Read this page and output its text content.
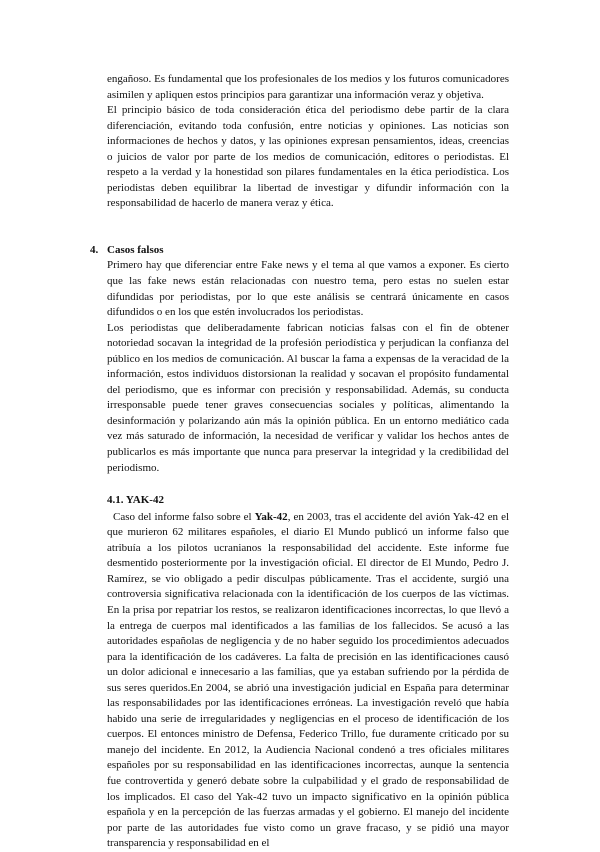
engañoso. Es fundamental que los profesionales de los medios y los futuros comunicadores asimilen y apliquen estos principios para garantizar una información veraz y objetiva.

El principio básico de toda consideración ética del periodismo debe partir de la clara diferenciación, evitando toda confusión, entre noticias y opiniones. Las noticias son informaciones de hechos y datos, y las opiniones expresan pensamientos, ideas, creencias o juicios de valor por parte de los medios de comunicación, editores o periodistas. El respeto a la verdad y la honestidad son pilares fundamentales en la ética periodística. Los periodistas deben equilibrar la libertad de investigar y difundir información con la responsabilidad de hacerlo de manera veraz y ética.

4. Casos falsos

Primero hay que diferenciar entre Fake news y el tema al que vamos a exponer. Es cierto que las fake news están relacionadas con nuestro tema, pero estas no suelen estar difundidas por periodistas, por lo que este análisis se centrará únicamente en casos difundidos o en los que estén involucrados los periodistas.

Los periodistas que deliberadamente fabrican noticias falsas con el fin de obtener notoriedad socavan la integridad de la profesión periodística y perjudican la confianza del público en los medios de comunicación. Al buscar la fama a expensas de la veracidad de la información, estos individuos distorsionan la realidad y socavan el propósito fundamental del periodismo, que es informar con precisión y responsabilidad. Además, su conducta irresponsable puede tener graves consecuencias sociales y políticas, alimentando la desinformación y polarizando aún más la opinión pública. En un entorno mediático cada vez más saturado de información, la necesidad de verificar y validar los hechos antes de publicarlos es más importante que nunca para preservar la integridad y la credibilidad del periodismo.

4.1. YAK-42

Caso del informe falso sobre el Yak-42, en 2003, tras el accidente del avión Yak-42 en el que murieron 62 militares españoles, el diario El Mundo publicó un informe falso que atribuía a los pilotos ucranianos la responsabilidad del accidente. Este informe fue desmentido posteriormente por la investigación oficial. El director de El Mundo, Pedro J. Ramírez, se vio obligado a pedir disculpas públicamente. Tras el accidente, surgió una controversia significativa relacionada con la identificación de los cuerpos de las víctimas. En la prisa por repatriar los restos, se realizaron identificaciones incorrectas, lo que llevó a la entrega de cuerpos mal identificados a las familias de los fallecidos. Se acusó a las autoridades españolas de negligencia y de no haber seguido los procedimientos adecuados para la identificación de los cadáveres. La falta de precisión en las identificaciones causó un dolor adicional e innecesario a las familias, que ya estaban sufriendo por la pérdida de sus seres queridos.En 2004, se abrió una investigación judicial en España para determinar las responsabilidades por las identificaciones erróneas. La investigación reveló que había habido una serie de irregularidades y negligencias en el proceso de identificación de los cuerpos. El entonces ministro de Defensa, Federico Trillo, fue duramente criticado por su manejo del incidente. En 2012, la Audiencia Nacional condenó a tres oficiales militares españoles por su responsabilidad en las identificaciones incorrectas, aunque la sentencia fue controvertida y generó debate sobre la culpabilidad y el grado de responsabilidad de los implicados. El caso del Yak-42 tuvo un impacto significativo en la opinión pública española y en la percepción de las fuerzas armadas y el gobierno. El manejo del incidente por parte de las autoridades fue visto como un grave fracaso, y se pidió una mayor transparencia y responsabilidad en el
